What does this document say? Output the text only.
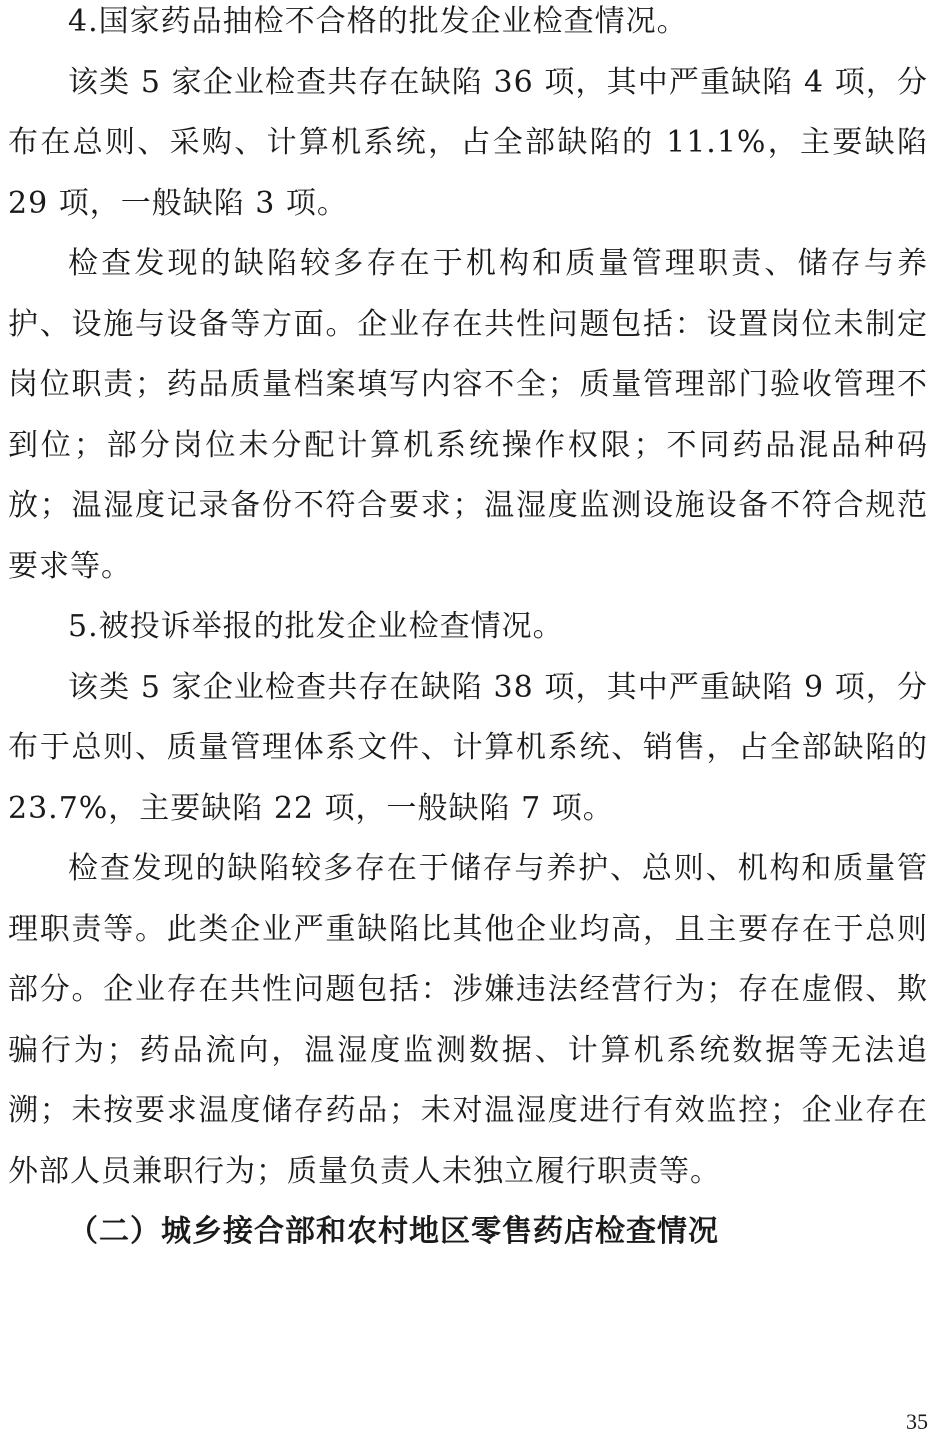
4.国家药品抽检不合格的批发企业检查情况。

该类 5 家企业检查共存在缺陷 36 项，其中严重缺陷 4 项，分布在总则、采购、计算机系统，占全部缺陷的 11.1%，主要缺陷 29 项，一般缺陷 3 项。

检查发现的缺陷较多存在于机构和质量管理职责、储存与养护、设施与设备等方面。企业存在共性问题包括：设置岗位未制定岗位职责；药品质量档案填写内容不全；质量管理部门验收管理不到位；部分岗位未分配计算机系统操作权限；不同药品混品种码放；温湿度记录备份不符合要求；温湿度监测设施设备不符合规范要求等。

5.被投诉举报的批发企业检查情况。

该类 5 家企业检查共存在缺陷 38 项，其中严重缺陷 9 项，分布于总则、质量管理体系文件、计算机系统、销售，占全部缺陷的 23.7%，主要缺陷 22 项，一般缺陷 7 项。

检查发现的缺陷较多存在于储存与养护、总则、机构和质量管理职责等。此类企业严重缺陷比其他企业均高，且主要存在于总则部分。企业存在共性问题包括：涉嫌违法经营行为；存在虚假、欺骗行为；药品流向，温湿度监测数据、计算机系统数据等无法追溯；未按要求温度储存药品；未对温湿度进行有效监控；企业存在外部人员兼职行为；质量负责人未独立履行职责等。

（二）城乡接合部和农村地区零售药店检查情况

35
